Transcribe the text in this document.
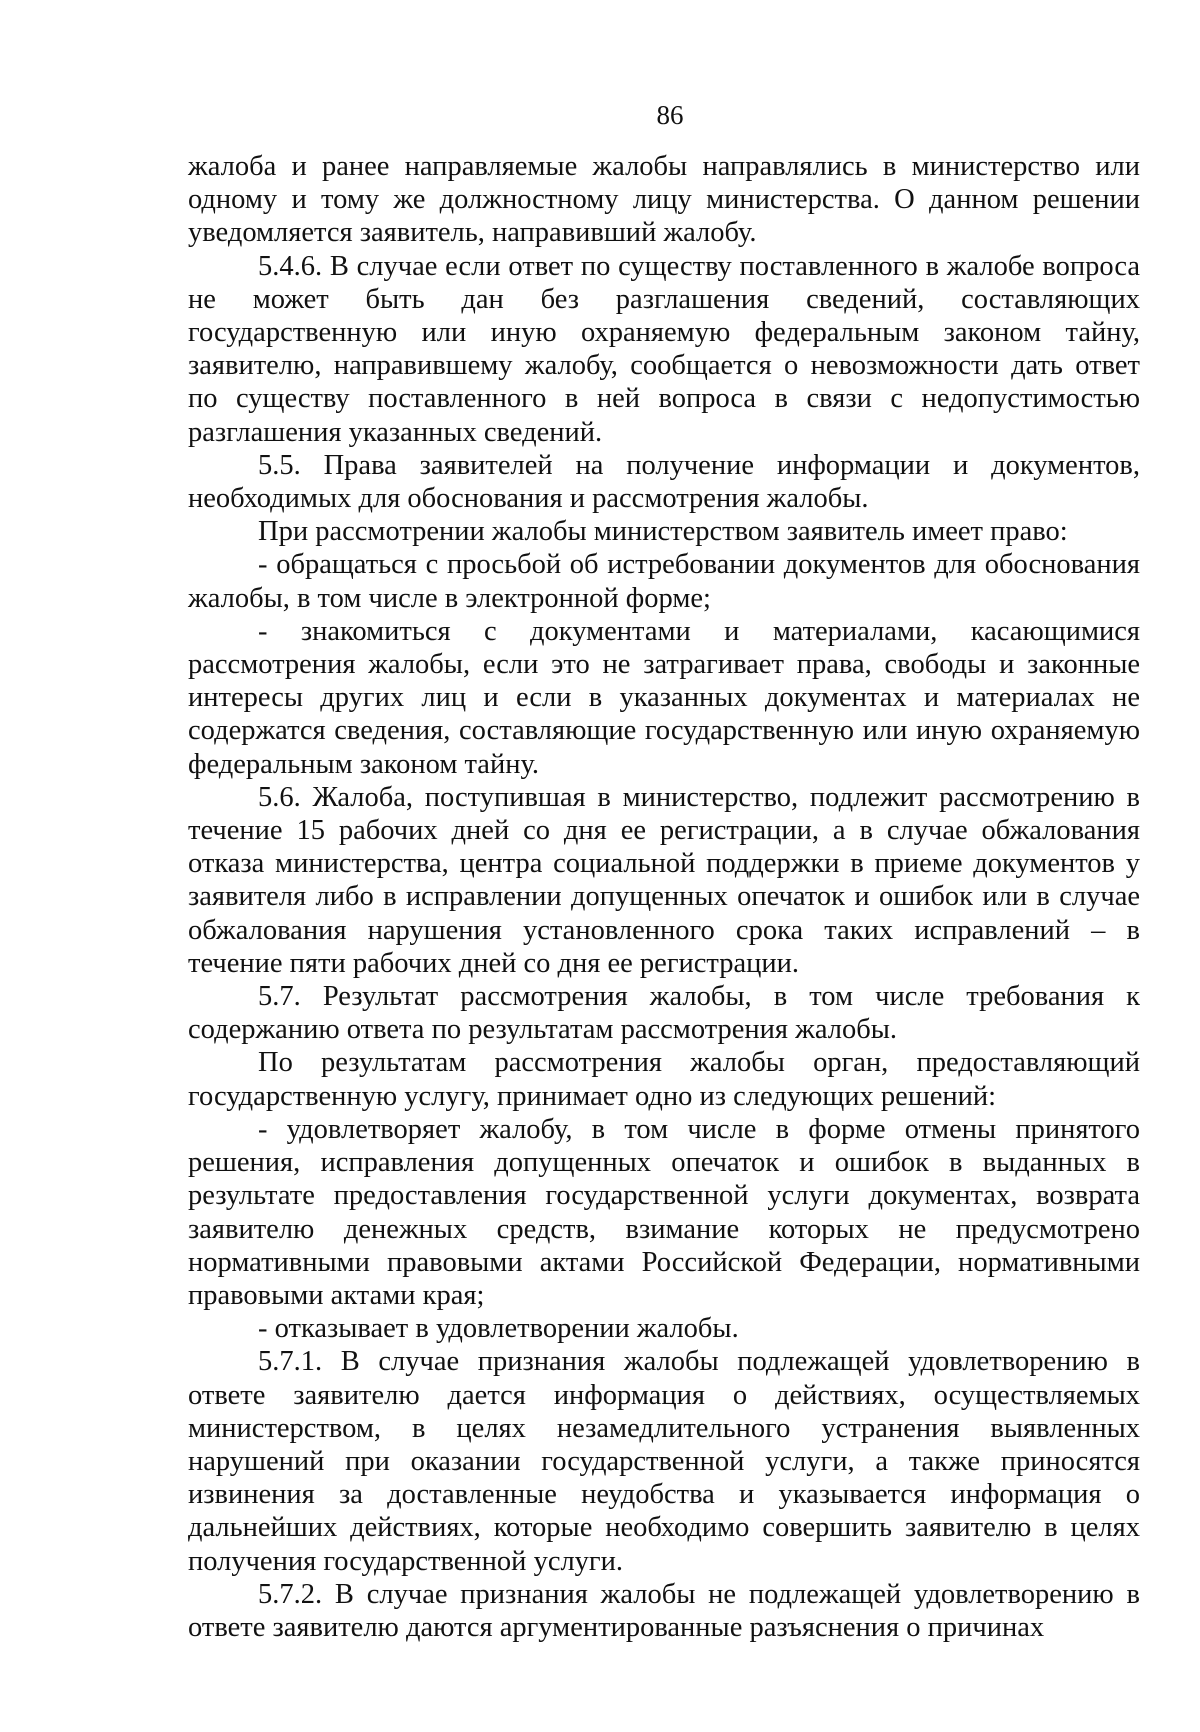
86

жалоба и ранее направляемые жалобы направлялись в министерство или одному и тому же должностному лицу министерства. О данном решении уведомляется заявитель, направивший жалобу.

5.4.6. В случае если ответ по существу поставленного в жалобе вопроса не может быть дан без разглашения сведений, составляющих государственную или иную охраняемую федеральным законом тайну, заявителю, направившему жалобу, сообщается о невозможности дать ответ по существу поставленного в ней вопроса в связи с недопустимостью разглашения указанных сведений.

5.5. Права заявителей на получение информации и документов, необходимых для обоснования и рассмотрения жалобы.

При рассмотрении жалобы министерством заявитель имеет право:

- обращаться с просьбой об истребовании документов для обоснования жалобы, в том числе в электронной форме;

- знакомиться с документами и материалами, касающимися рассмотрения жалобы, если это не затрагивает права, свободы и законные интересы других лиц и если в указанных документах и материалах не содержатся сведения, составляющие государственную или иную охраняемую федеральным законом тайну.

5.6. Жалоба, поступившая в министерство, подлежит рассмотрению в течение 15 рабочих дней со дня ее регистрации, а в случае обжалования отказа министерства, центра социальной поддержки в приеме документов у заявителя либо в исправлении допущенных опечаток и ошибок или в случае обжалования нарушения установленного срока таких исправлений – в течение пяти рабочих дней со дня ее регистрации.

5.7. Результат рассмотрения жалобы, в том числе требования к содержанию ответа по результатам рассмотрения жалобы.

По результатам рассмотрения жалобы орган, предоставляющий государственную услугу, принимает одно из следующих решений:

- удовлетворяет жалобу, в том числе в форме отмены принятого решения, исправления допущенных опечаток и ошибок в выданных в результате предоставления государственной услуги документах, возврата заявителю денежных средств, взимание которых не предусмотрено нормативными правовыми актами Российской Федерации, нормативными правовыми актами края;

- отказывает в удовлетворении жалобы.

5.7.1. В случае признания жалобы подлежащей удовлетворению в ответе заявителю дается информация о действиях, осуществляемых министерством, в целях незамедлительного устранения выявленных нарушений при оказании государственной услуги, а также приносятся извинения за доставленные неудобства и указывается информация о дальнейших действиях, которые необходимо совершить заявителю в целях получения государственной услуги.

5.7.2. В случае признания жалобы не подлежащей удовлетворению в ответе заявителю даются аргументированные разъяснения о причинах
